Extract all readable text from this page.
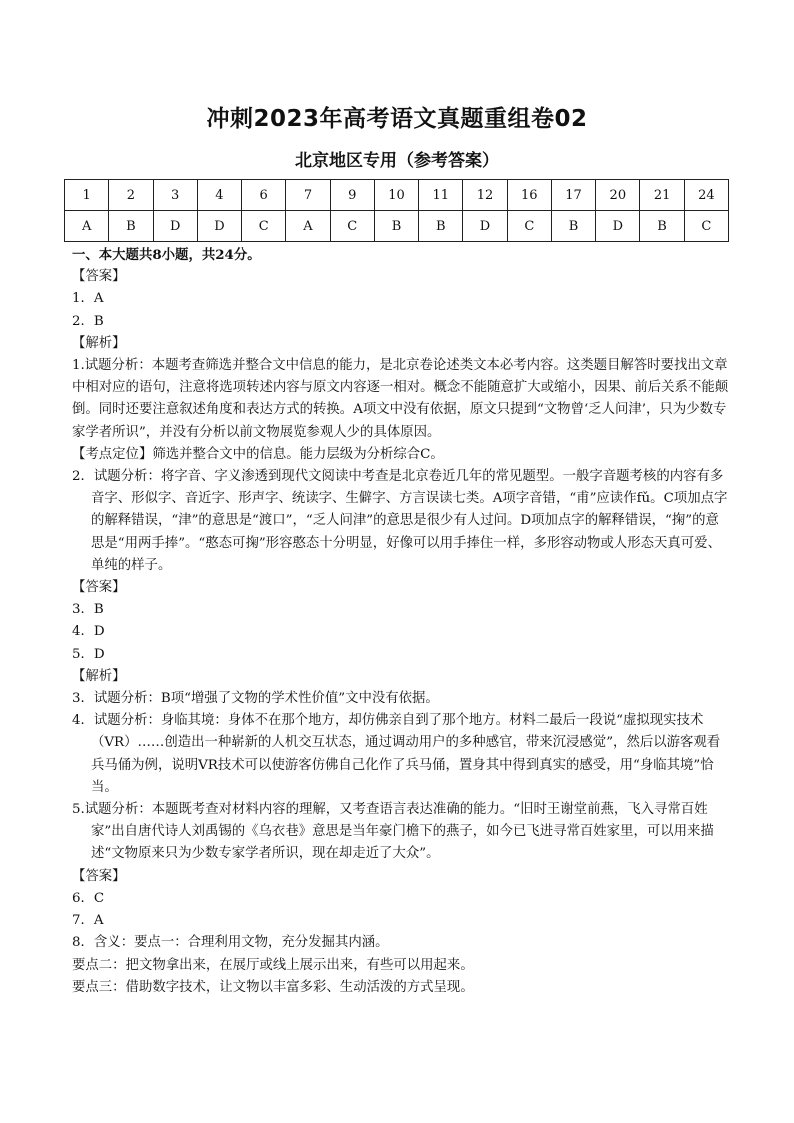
冲刺2023年高考语文真题重组卷02
北京地区专用（参考答案）
1	2	3	4	6	7	9	10	11	12	16	17	20	21	24
A	B	D	D	C	A	C	B	B	D	C	B	D	B	C
一、本大题共8小题，共24分。
【答案】
1．A
2．B
【解析】
1.试题分析：本题考查筛选并整合文中信息的能力，是北京卷论述类文本必考内容。这类题目解答时要找出文章中相对应的语句，注意将选项转述内容与原文内容逐一相对。概念不能随意扩大或缩小，因果、前后关系不能颠倒。同时还要注意叙述角度和表达方式的转换。A项文中没有依据，原文只提到“文物曾‘乏人问津’，只为少数专家学者所识”，并没有分析以前文物展览参观人少的具体原因。
【考点定位】筛选并整合文中的信息。能力层级为分析综合C。
2．试题分析：将字音、字义渗透到现代文阅读中考查是北京卷近几年的常见题型。一般字音题考核的内容有多音字、形似字、音近字、形声字、统读字、生僻字、方言误读七类。A项字音错，“甫”应读作fǔ。C项加点字的解释错误，“津”的意思是“渡口”，“乏人问津”的意思是很少有人过问。D项加点字的解释错误，“掬”的意思是“用两手捧”。“憨态可掬”形容憨态十分明显，好像可以用手捧住一样，多形容动物或人形态天真可爱、单纯的样子。
【答案】
3．B
4．D
5．D
【解析】
3．试题分析：B项“增强了文物的学术性价值”文中没有依据。
4．试题分析：身临其境：身体不在那个地方，却仿佛亲自到了那个地方。材料二最后一段说“虚拟现实技术（VR）……创造出一种崭新的人机交互状态，通过调动用户的多种感官，带来沉浸感觉”，然后以游客观看兵马俑为例，说明VR技术可以使游客仿佛自己化作了兵马俑，置身其中得到真实的感受，用“身临其境”恰当。
5.试题分析：本题既考查对材料内容的理解，又考查语言表达准确的能力。“旧时王谢堂前燕，飞入寻常百姓家”出自唐代诗人刘禹锡的《乌衣巷》意思是当年豪门檐下的燕子，如今已飞进寻常百姓家里，可以用来描述“文物原来只为少数专家学者所识，现在却走近了大众”。
【答案】
6．C
7．A
8．含义：要点一：合理利用文物，充分发掘其内涵。
要点二：把文物拿出来，在展厅或线上展示出来，有些可以用起来。
要点三：借助数字技术，让文物以丰富多彩、生动活泼的方式呈现。
